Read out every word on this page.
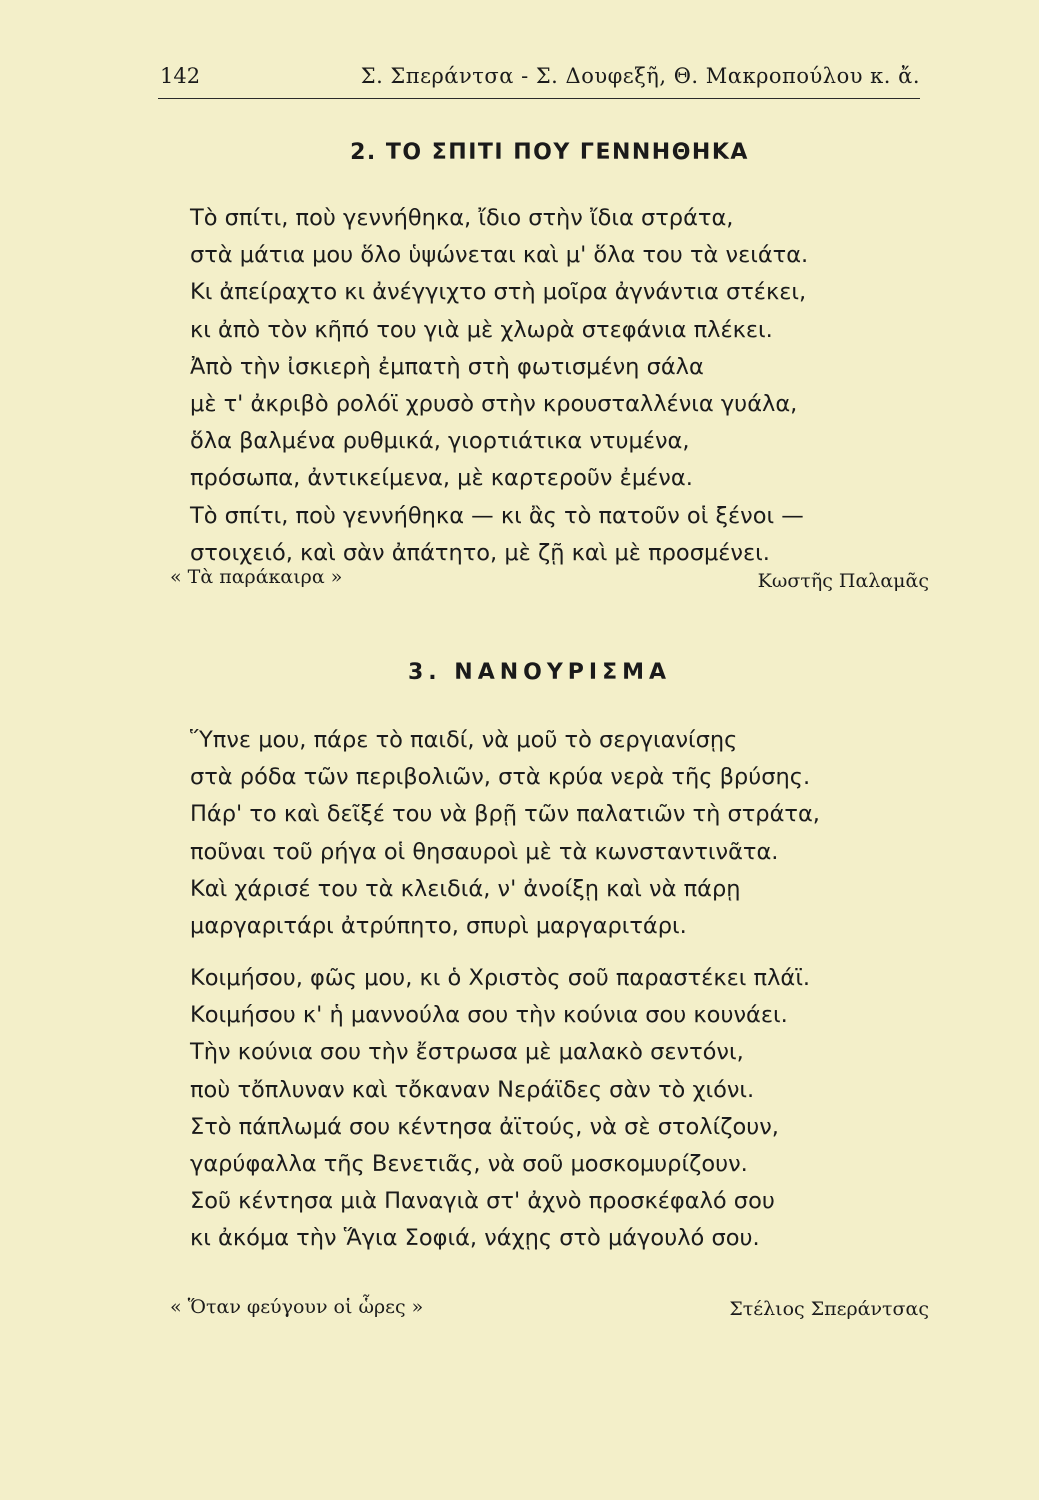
142	Σ. Σπεράντσα - Σ. Δουφεξῆ, Θ. Μακροπούλου κ. ἄ.
2. ΤΟ ΣΠΙΤΙ ΠΟΥ ΓΕΝΝΗΘΗΚΑ
Τὸ σπίτι, ποὺ γεννήθηκα, ἴδιο στὴν ἴδια στράτα,
στὰ μάτια μου ὅλο ὑψώνεται καὶ μ' ὅλα του τὰ νειάτα.
Κι ἀπείραχτο κι ἀνέγγιχτο στὴ μοῖρα ἀγνάντια στέκει,
κι ἀπὸ τὸν κῆπό του γιὰ μὲ χλωρὰ στεφάνια πλέκει.
Ἀπὸ τὴν ἰσκιερὴ ἐμπατὴ στὴ φωτισμένη σάλα
μὲ τ' ἀκριβὸ ρολόϊ χρυσὸ στὴν κρουσταλλένια γυάλα,
ὅλα βαλμένα ρυθμικά, γιορτιάτικα ντυμένα,
πρόσωπα, ἀντικείμενα, μὲ καρτεροῦν ἐμένα.
Τὸ σπίτι, ποὺ γεννήθηκα — κι ἂς τὸ πατοῦν οἱ ξένοι —
στοιχειό, καὶ σὰν ἀπάτητο, μὲ ζῇ καὶ μὲ προσμένει.
« Τὰ παράκαιρα »	Κωστῆς Παλαμᾶς
3. ΝΑΝΟΥΡΙΣΜΑ
Ὕπνε μου, πάρε τὸ παιδί, νὰ μοῦ τὸ σεργιανίσῃς
στὰ ρόδα τῶν περιβολιῶν, στὰ κρύα νερὰ τῆς βρύσης.
Πάρ' το καὶ δεῖξέ του νὰ βρῇ τῶν παλατιῶν τὴ στράτα,
ποῦναι τοῦ ρήγα οἱ θησαυροὶ μὲ τὰ κωνσταντινᾶτα.
Καὶ χάρισέ του τὰ κλειδιά, ν' ἀνοίξῃ καὶ νὰ πάρῃ
μαργαριτάρι ἀτρύπητο, σπυρὶ μαργαριτάρι.
Κοιμήσου, φῶς μου, κι ὁ Χριστὸς σοῦ παραστέκει πλάϊ.
Κοιμήσου κ' ἡ μαννούλα σου τὴν κούνια σου κουνάει.
Τὴν κούνια σου τὴν ἔστρωσα μὲ μαλακὸ σεντόνι,
ποὺ τὄπλυναν καὶ τὄκαναν Νεράϊδες σὰν τὸ χιόνι.
Στὸ πάπλωμά σου κέντησα ἀϊτούς, νὰ σὲ στολίζουν,
γαρύφαλλα τῆς Βενετιᾶς, νὰ σοῦ μοσκομυρίζουν.
Σοῦ κέντησα μιὰ Παναγιὰ στ' ἀχνὸ προσκέφαλό σου
κι ἀκόμα τὴν Ἅγια Σοφιά, νάχῃς στὸ μάγουλό σου.
« Ὅταν φεύγουν οἱ ὧρες »	Στέλιος Σπεράντσας
